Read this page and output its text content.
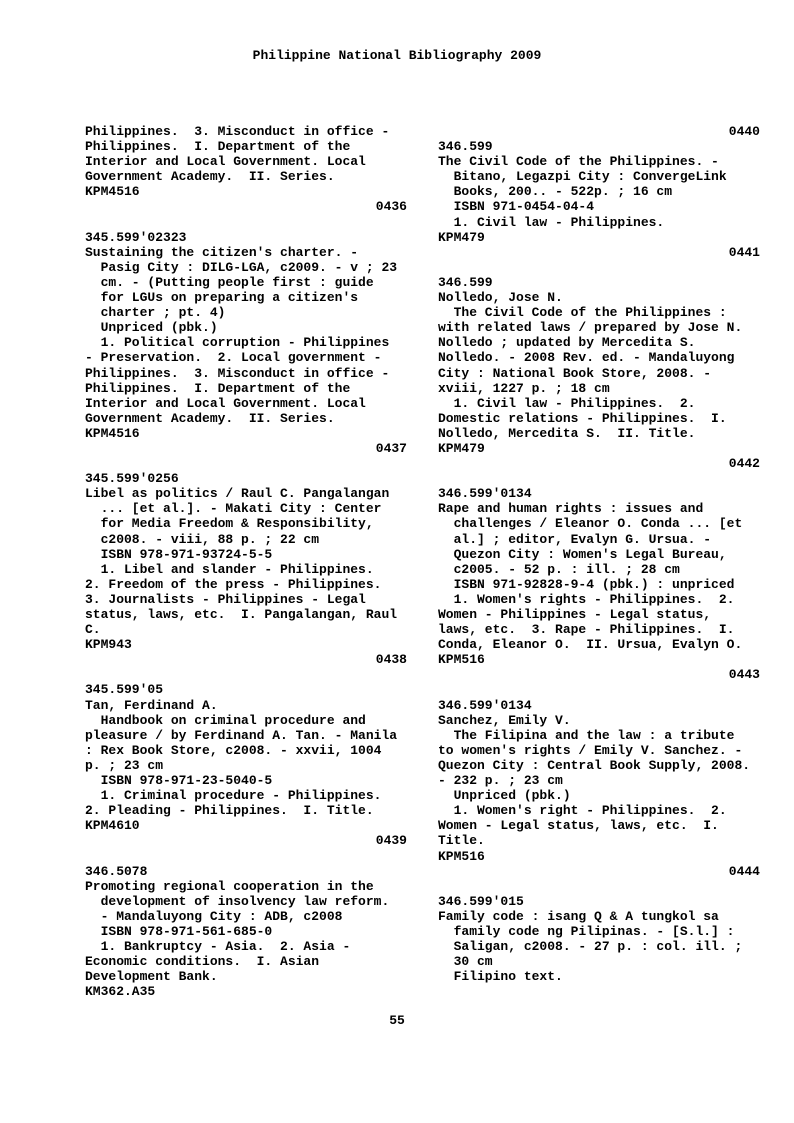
Philippine National Bibliography 2009
Philippines.  3. Misconduct in office -
Philippines.  I. Department of the
Interior and Local Government. Local
Government Academy.  II. Series.
KPM4516
0436
345.599'02323
Sustaining the citizen's charter. -
Pasig City : DILG-LGA, c2009. - v ; 23
cm. - (Putting people first : guide
for LGUs on preparing a citizen's
charter ; pt. 4)
Unpriced (pbk.)
1. Political corruption - Philippines
- Preservation.  2. Local government -
Philippines.  3. Misconduct in office -
Philippines.  I. Department of the
Interior and Local Government. Local
Government Academy.  II. Series.
KPM4516
0437
345.599'0256
Libel as politics / Raul C. Pangalangan
... [et al.]. - Makati City : Center
for Media Freedom & Responsibility,
c2008. - viii, 88 p. ; 22 cm
ISBN 978-971-93724-5-5
1. Libel and slander - Philippines.
2. Freedom of the press - Philippines.
3. Journalists - Philippines - Legal
status, laws, etc.  I. Pangalangan, Raul
C.
KPM943
0438
345.599'05
Tan, Ferdinand A.
Handbook on criminal procedure and
pleasure / by Ferdinand A. Tan. - Manila
: Rex Book Store, c2008. - xxvii, 1004
p. ; 23 cm
ISBN 978-971-23-5040-5
1. Criminal procedure - Philippines.
2. Pleading - Philippines.  I. Title.
KPM4610
0439
346.5078
Promoting regional cooperation in the
development of insolvency law reform.
- Mandaluyong City : ADB, c2008
ISBN 978-971-561-685-0
1. Bankruptcy - Asia.  2. Asia -
Economic conditions.  I. Asian
Development Bank.
KM362.A35
0440
346.599
The Civil Code of the Philippines. -
Bitano, Legazpi City : ConvergeLink
Books, 200.. - 522p. ; 16 cm
ISBN 971-0454-04-4
1. Civil law - Philippines.
KPM479
0441
346.599
Nolledo, Jose N.
The Civil Code of the Philippines :
with related laws / prepared by Jose N.
Nolledo ; updated by Mercedita S.
Nolledo. - 2008 Rev. ed. - Mandaluyong
City : National Book Store, 2008. -
xviii, 1227 p. ; 18 cm
1. Civil law - Philippines.  2.
Domestic relations - Philippines.  I.
Nolledo, Mercedita S.  II. Title.
KPM479
0442
346.599'0134
Rape and human rights : issues and
challenges / Eleanor O. Conda ... [et
al.] ; editor, Evalyn G. Ursua. -
Quezon City : Women's Legal Bureau,
c2005. - 52 p. : ill. ; 28 cm
ISBN 971-92828-9-4 (pbk.) : unpriced
1. Women's rights - Philippines.  2.
Women - Philippines - Legal status,
laws, etc.  3. Rape - Philippines.  I.
Conda, Eleanor O.  II. Ursua, Evalyn O.
KPM516
0443
346.599'0134
Sanchez, Emily V.
The Filipina and the law : a tribute
to women's rights / Emily V. Sanchez. -
Quezon City : Central Book Supply, 2008.
- 232 p. ; 23 cm
Unpriced (pbk.)
1. Women's right - Philippines.  2.
Women - Legal status, laws, etc.  I.
Title.
KPM516
0444
346.599'015
Family code : isang Q & A tungkol sa
family code ng Pilipinas. - [S.l.] :
Saligan, c2008. - 27 p. : col. ill. ;
30 cm
Filipino text.
55
